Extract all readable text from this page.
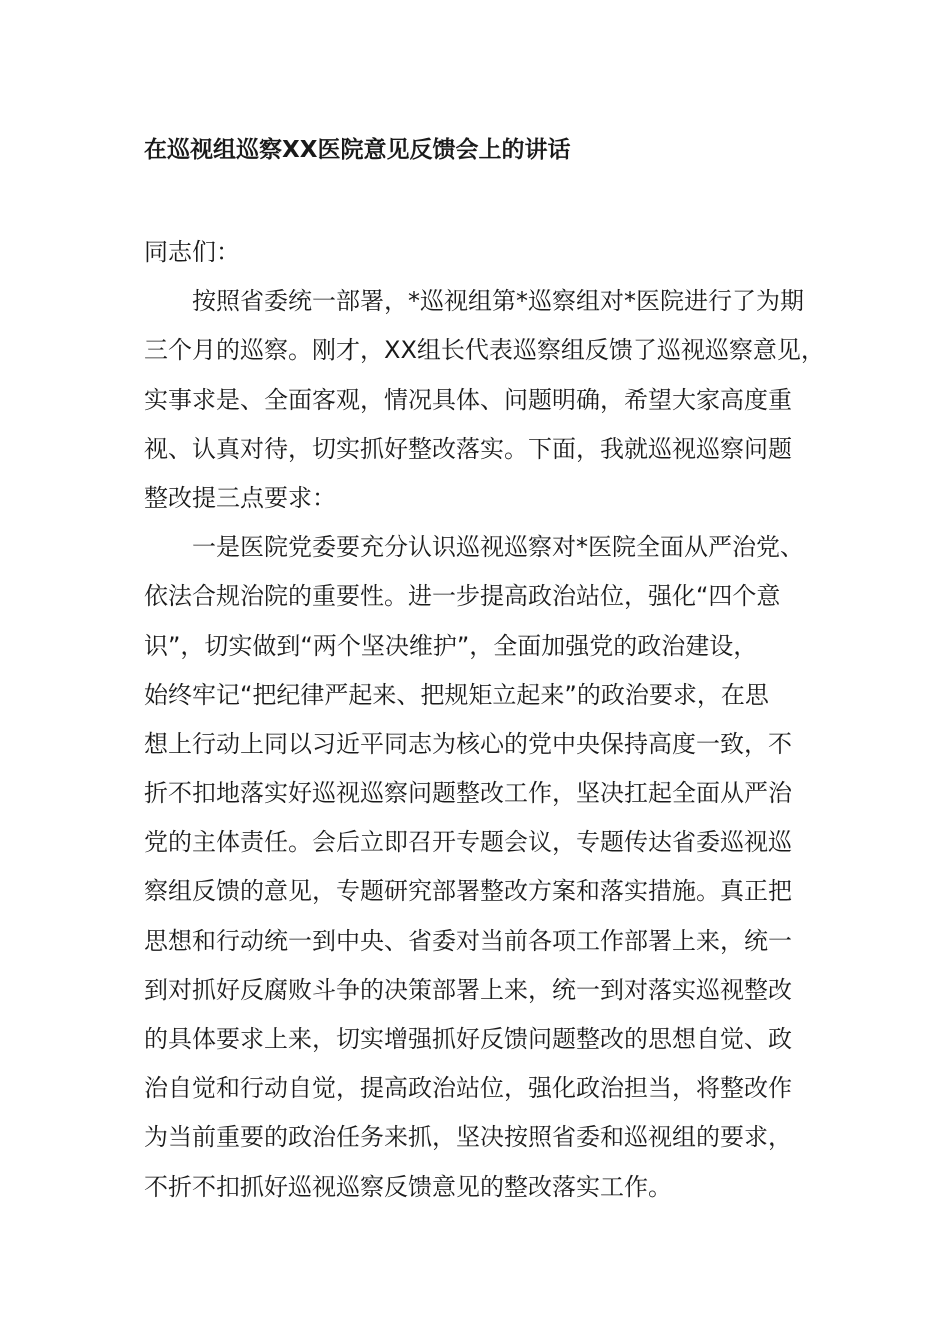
在巡视组巡察XX医院意见反馈会上的讲话
同志们：
按照省委统一部署，*巡视组第*巡察组对*医院进行了为期
三个月的巡察。刚才，XX组长代表巡察组反馈了巡视巡察意见，
实事求是、全面客观，情况具体、问题明确，希望大家高度重
视、认真对待，切实抓好整改落实。下面，我就巡视巡察问题
整改提三点要求：
一是医院党委要充分认识巡视巡察对*医院全面从严治党、
依法合规治院的重要性。进一步提高政治站位，强化“四个意
识”，切实做到“两个坚决维护”，全面加强党的政治建设，
始终牢记“把纪律严起来、把规矩立起来”的政治要求，在思
想上行动上同以习近平同志为核心的党中央保持高度一致，不
折不扣地落实好巡视巡察问题整改工作，坚决扛起全面从严治
党的主体责任。会后立即召开专题会议，专题传达省委巡视巡
察组反馈的意见，专题研究部署整改方案和落实措施。真正把
思想和行动统一到中央、省委对当前各项工作部署上来，统一
到对抓好反腐败斗争的决策部署上来，统一到对落实巡视整改
的具体要求上来，切实增强抓好反馈问题整改的思想自觉、政
治自觉和行动自觉，提高政治站位，强化政治担当，将整改作
为当前重要的政治任务来抓，坚决按照省委和巡视组的要求，
不折不扣抓好巡视巡察反馈意见的整改落实工作。
